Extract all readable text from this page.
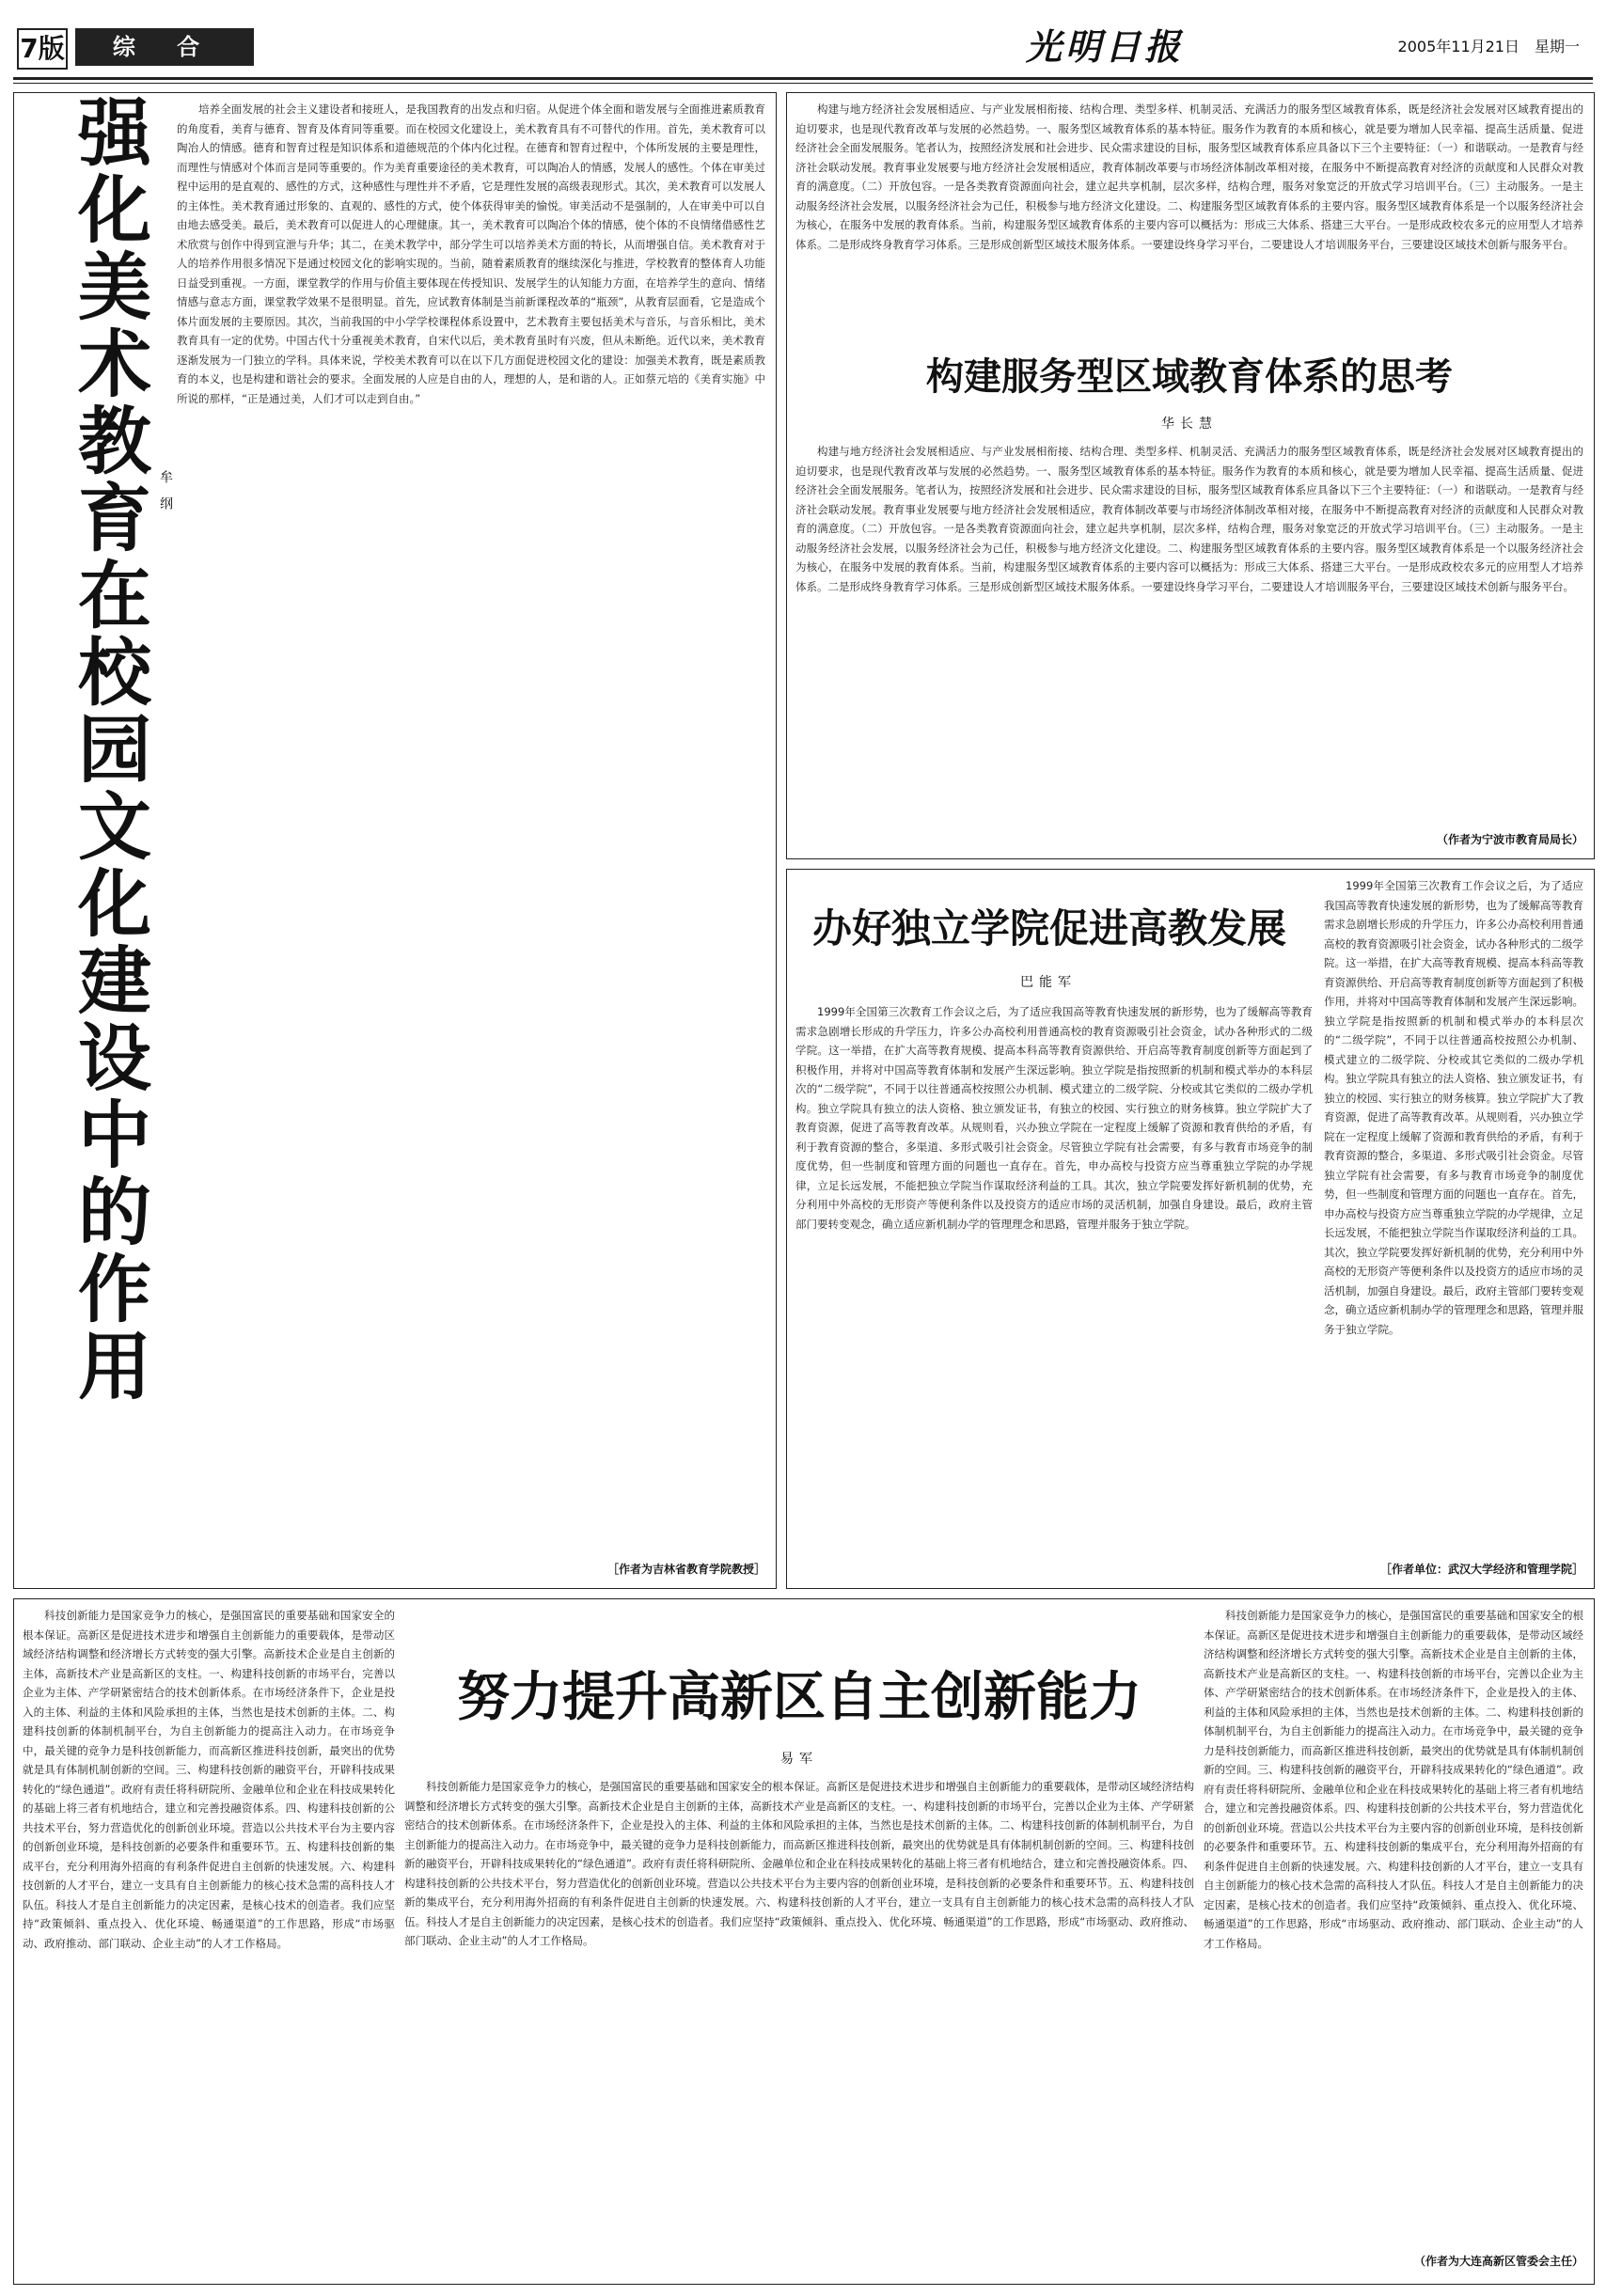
7版	综 合	光明日报	2005年11月21日　星期一
强化美术教育在校园文化建设中的作用 牟纲

培养全面发展的社会主义建设者和接班人，是我国教育的出发点和归宿。从促进个体全面和谐发展与全面推进素质教育的角度看，美育与德育、智育及体育同等重要。而在校园文化建设上，美术教育具有不可替代的作用。首先，美术教育可以陶冶人的情感。德育和智育过程是知识体系和道德规范的个体内化过程。在德育和智育过程中，个体所发展的主要是理性，而理性与情感对个体而言是同等重要的。作为美育重要途径的美术教育，可以陶冶人的情感，发展人的感性。个体在审美过程中运用的是直观的、感性的方式，这种感性与理性并不矛盾，它是理性发展的高级表现形式。其次，美术教育可以发展人的主体性。美术教育通过形象的、直观的、感性的方式，使个体获得审美的愉悦。审美活动不是强制的，人在审美中可以自由地去感受美。最后，美术教育可以促进人的心理健康。其一，美术教育可以陶冶个体的情感，使个体的不良情绪借感性艺术欣赏与创作中得到宣泄与升华；其二，在美术教学中，部分学生可以培养美术方面的特长，从而增强自信。美术教育对于人的培养作用很多情况下是通过校园文化的影响实现的。当前，随着素质教育的继续深化与推进，学校教育的整体育人功能日益受到重视。一方面，课堂教学的作用与价值主要体现在传授知识、发展学生的认知能力方面，在培养学生的意向、情绪情感与意志方面，课堂教学效果不是很明显。首先，应试教育体制是当前新课程改革的“瓶颈”，从教育层面看，它是造成个体片面发展的主要原因。其次，当前我国的中小学学校课程体系设置中，艺术教育主要包括美术与音乐，与音乐相比，美术教育具有一定的优势。中国古代十分重视美术教育，自宋代以后，美术教育虽时有兴废，但从未断绝。近代以来，美术教育逐渐发展为一门独立的学科。具体来说，学校美术教育可以在以下几方面促进校园文化的建设：加强美术教育，既是素质教育的本义，也是构建和谐社会的要求。全面发展的人应是自由的人，理想的人，是和谐的人。正如蔡元培的《美育实施》中所说的那样，“正是通过美，人们才可以走到自由。”

［作者为吉林省教育学院教授］
构建服务型区域教育体系的思考
华长慧

构建与地方经济社会发展相适应、与产业发展相衔接、结构合理、类型多样、机制灵活、充满活力的服务型区域教育体系，既是经济社会发展对区域教育提出的迫切要求，也是现代教育改革与发展的必然趋势。一、服务型区域教育体系的基本特征。服务作为教育的本质和核心，就是要为增加人民幸福、提高生活质量、促进经济社会全面发展服务。笔者认为，按照经济发展和社会进步、民众需求建设的目标，服务型区域教育体系应具备以下三个主要特征：（一）和谐联动。一是教育与经济社会联动发展。教育事业发展要与地方经济社会发展相适应，教育体制改革要与市场经济体制改革相对接，在服务中不断提高教育对经济的贡献度和人民群众对教育的满意度。（二）开放包容。一是各类教育资源面向社会，建立起共享机制，层次多样，结构合理，服务对象宽泛的开放式学习培训平台。（三）主动服务。一是主动服务经济社会发展，以服务经济社会为己任，积极参与地方经济文化建设。二、构建服务型区域教育体系的主要内容。服务型区域教育体系是一个以服务经济社会为核心，在服务中发展的教育体系。当前，构建服务型区域教育体系的主要内容可以概括为：形成三大体系、搭建三大平台。一是形成政校农多元的应用型人才培养体系。二是形成终身教育学习体系。三是形成创新型区域技术服务体系。一要建设终身学习平台，二要建设人才培训服务平台，三要建设区域技术创新与服务平台。

构建与地方经济社会发展相适应、与产业发展相衔接、结构合理、类型多样、机制灵活、充满活力的服务型区域教育体系，既是经济社会发展对区域教育提出的迫切要求，也是现代教育改革与发展的必然趋势。一、服务型区域教育体系的基本特征。服务作为教育的本质和核心，就是要为增加人民幸福、提高生活质量、促进经济社会全面发展服务。笔者认为，按照经济发展和社会进步、民众需求建设的目标，服务型区域教育体系应具备以下三个主要特征：（一）和谐联动。一是教育与经济社会联动发展。教育事业发展要与地方经济社会发展相适应，教育体制改革要与市场经济体制改革相对接，在服务中不断提高教育对经济的贡献度和人民群众对教育的满意度。（二）开放包容。一是各类教育资源面向社会，建立起共享机制，层次多样，结构合理，服务对象宽泛的开放式学习培训平台。（三）主动服务。一是主动服务经济社会发展，以服务经济社会为己任，积极参与地方经济文化建设。二、构建服务型区域教育体系的主要内容。服务型区域教育体系是一个以服务经济社会为核心，在服务中发展的教育体系。当前，构建服务型区域教育体系的主要内容可以概括为：形成三大体系、搭建三大平台。一是形成政校农多元的应用型人才培养体系。二是形成终身教育学习体系。三是形成创新型区域技术服务体系。一要建设终身学习平台，二要建设人才培训服务平台，三要建设区域技术创新与服务平台。

（作者为宁波市教育局局长）
办好独立学院促进高教发展
巴能军

1999年全国第三次教育工作会议之后，为了适应我国高等教育快速发展的新形势，也为了缓解高等教育需求急剧增长形成的升学压力，许多公办高校利用普通高校的教育资源吸引社会资金，试办各种形式的二级学院。这一举措，在扩大高等教育规模、提高本科高等教育资源供给、开启高等教育制度创新等方面起到了积极作用，并将对中国高等教育体制和发展产生深远影响。独立学院是指按照新的机制和模式举办的本科层次的“二级学院”，不同于以往普通高校按照公办机制、模式建立的二级学院、分校或其它类似的二级办学机构。独立学院具有独立的法人资格、独立颁发证书，有独立的校园、实行独立的财务核算。独立学院扩大了教育资源，促进了高等教育改革。从规则看，兴办独立学院在一定程度上缓解了资源和教育供给的矛盾，有利于教育资源的整合，多渠道、多形式吸引社会资金。尽管独立学院有社会需要，有多与教育市场竞争的制度优势，但一些制度和管理方面的问题也一直存在。首先，申办高校与投资方应当尊重独立学院的办学规律，立足长远发展，不能把独立学院当作谋取经济利益的工具。其次，独立学院要发挥好新机制的优势，充分利用中外高校的无形资产等便利条件以及投资方的适应市场的灵活机制，加强自身建设。最后，政府主管部门要转变观念，确立适应新机制办学的管理理念和思路，管理并服务于独立学院。

1999年全国第三次教育工作会议之后，为了适应我国高等教育快速发展的新形势，也为了缓解高等教育需求急剧增长形成的升学压力，许多公办高校利用普通高校的教育资源吸引社会资金，试办各种形式的二级学院。这一举措，在扩大高等教育规模、提高本科高等教育资源供给、开启高等教育制度创新等方面起到了积极作用，并将对中国高等教育体制和发展产生深远影响。独立学院是指按照新的机制和模式举办的本科层次的“二级学院”，不同于以往普通高校按照公办机制、模式建立的二级学院、分校或其它类似的二级办学机构。独立学院具有独立的法人资格、独立颁发证书，有独立的校园、实行独立的财务核算。独立学院扩大了教育资源，促进了高等教育改革。从规则看，兴办独立学院在一定程度上缓解了资源和教育供给的矛盾，有利于教育资源的整合，多渠道、多形式吸引社会资金。尽管独立学院有社会需要，有多与教育市场竞争的制度优势，但一些制度和管理方面的问题也一直存在。首先，申办高校与投资方应当尊重独立学院的办学规律，立足长远发展，不能把独立学院当作谋取经济利益的工具。其次，独立学院要发挥好新机制的优势，充分利用中外高校的无形资产等便利条件以及投资方的适应市场的灵活机制，加强自身建设。最后，政府主管部门要转变观念，确立适应新机制办学的管理理念和思路，管理并服务于独立学院。

［作者单位：武汉大学经济和管理学院］
努力提升高新区自主创新能力
易军

科技创新能力是国家竞争力的核心，是强国富民的重要基础和国家安全的根本保证。高新区是促进技术进步和增强自主创新能力的重要载体，是带动区域经济结构调整和经济增长方式转变的强大引擎。高新技术企业是自主创新的主体，高新技术产业是高新区的支柱。一、构建科技创新的市场平台，完善以企业为主体、产学研紧密结合的技术创新体系。在市场经济条件下，企业是投入的主体、利益的主体和风险承担的主体，当然也是技术创新的主体。二、构建科技创新的体制机制平台，为自主创新能力的提高注入动力。在市场竞争中，最关键的竞争力是科技创新能力，而高新区推进科技创新，最突出的优势就是具有体制机制创新的空间。三、构建科技创新的融资平台，开辟科技成果转化的“绿色通道”。政府有责任将科研院所、金融单位和企业在科技成果转化的基础上将三者有机地结合，建立和完善投融资体系。四、构建科技创新的公共技术平台，努力营造优化的创新创业环境。营造以公共技术平台为主要内容的创新创业环境，是科技创新的必要条件和重要环节。五、构建科技创新的集成平台，充分利用海外招商的有利条件促进自主创新的快速发展。六、构建科技创新的人才平台，建立一支具有自主创新能力的核心技术急需的高科技人才队伍。科技人才是自主创新能力的决定因素，是核心技术的创造者。我们应坚持“政策倾斜、重点投入、优化环境、畅通渠道”的工作思路，形成“市场驱动、政府推动、部门联动、企业主动”的人才工作格局。

科技创新能力是国家竞争力的核心，是强国富民的重要基础和国家安全的根本保证。高新区是促进技术进步和增强自主创新能力的重要载体，是带动区域经济结构调整和经济增长方式转变的强大引擎。高新技术企业是自主创新的主体，高新技术产业是高新区的支柱。一、构建科技创新的市场平台，完善以企业为主体、产学研紧密结合的技术创新体系。在市场经济条件下，企业是投入的主体、利益的主体和风险承担的主体，当然也是技术创新的主体。二、构建科技创新的体制机制平台，为自主创新能力的提高注入动力。在市场竞争中，最关键的竞争力是科技创新能力，而高新区推进科技创新，最突出的优势就是具有体制机制创新的空间。三、构建科技创新的融资平台，开辟科技成果转化的“绿色通道”。政府有责任将科研院所、金融单位和企业在科技成果转化的基础上将三者有机地结合，建立和完善投融资体系。四、构建科技创新的公共技术平台，努力营造优化的创新创业环境。营造以公共技术平台为主要内容的创新创业环境，是科技创新的必要条件和重要环节。五、构建科技创新的集成平台，充分利用海外招商的有利条件促进自主创新的快速发展。六、构建科技创新的人才平台，建立一支具有自主创新能力的核心技术急需的高科技人才队伍。科技人才是自主创新能力的决定因素，是核心技术的创造者。我们应坚持“政策倾斜、重点投入、优化环境、畅通渠道”的工作思路，形成“市场驱动、政府推动、部门联动、企业主动”的人才工作格局。

科技创新能力是国家竞争力的核心，是强国富民的重要基础和国家安全的根本保证。高新区是促进技术进步和增强自主创新能力的重要载体，是带动区域经济结构调整和经济增长方式转变的强大引擎。高新技术企业是自主创新的主体，高新技术产业是高新区的支柱。一、构建科技创新的市场平台，完善以企业为主体、产学研紧密结合的技术创新体系。在市场经济条件下，企业是投入的主体、利益的主体和风险承担的主体，当然也是技术创新的主体。二、构建科技创新的体制机制平台，为自主创新能力的提高注入动力。在市场竞争中，最关键的竞争力是科技创新能力，而高新区推进科技创新，最突出的优势就是具有体制机制创新的空间。三、构建科技创新的融资平台，开辟科技成果转化的“绿色通道”。政府有责任将科研院所、金融单位和企业在科技成果转化的基础上将三者有机地结合，建立和完善投融资体系。四、构建科技创新的公共技术平台，努力营造优化的创新创业环境。营造以公共技术平台为主要内容的创新创业环境，是科技创新的必要条件和重要环节。五、构建科技创新的集成平台，充分利用海外招商的有利条件促进自主创新的快速发展。六、构建科技创新的人才平台，建立一支具有自主创新能力的核心技术急需的高科技人才队伍。科技人才是自主创新能力的决定因素，是核心技术的创造者。我们应坚持“政策倾斜、重点投入、优化环境、畅通渠道”的工作思路，形成“市场驱动、政府推动、部门联动、企业主动”的人才工作格局。

（作者为大连高新区管委会主任）
